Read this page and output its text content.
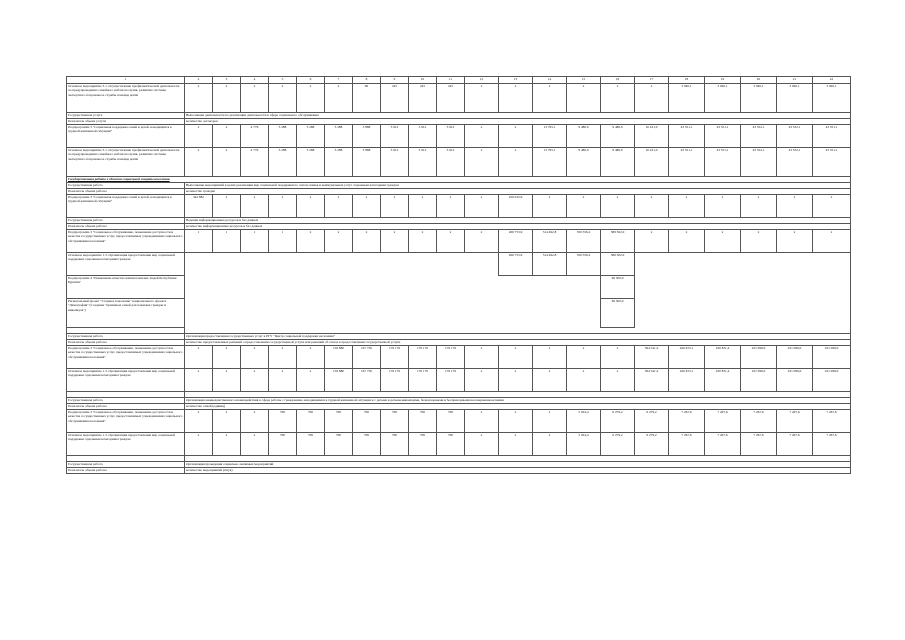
1	2	3	4	5	6	7	8	9	10	11	12	13	14	15	16	17	18	19	20	21	22
Основное мероприятие 3.1. Осуществление профилактической деятельности по предупреждению семейного неблагополучия, развитию системы экспертного патронажа и службы помощи детям	х	х	х	х	х	х	90	245	245	245	х	х	х	х	х	х	3 940,1	3 940,1	3 940,1	3 940,1	3 940,1
Государственная услуга	Выполнение деятельности по реализации деятельности в сфере социального обслуживания																				
Показатель объема услуги	количество договоров																				
Подпрограмма 3 "Социальная поддержка семей и детей, находящихся в трудной жизненной ситуации"	х	х	4 776	3 288	3 288	3 288	3 888	3 912	3 912	3 912	х	х	13 795,1	9 480,0	9 480,0	10 431,0	43 551,1	43 551,1	43 552,1	43 552,1	43 551,1
Основное мероприятие 3.1. Осуществление профилактической деятельности по предупреждению семейного неблагополучия, развитию системы экспертного патронажа и службы помощи детям	х	х	4 776	3 288	3 288	3 288	3 888	3 912	3 912	3 912	х	х	13 795,1	9 480,0	9 480,0	10 431,0	43 551,1	43 551,1	43 552,1	43 552,1	43 551,1
Государственная работа в области социальной защиты населения																					
Государственная работа	Выполнение мероприятий в целях реализации мер социальной поддержки по оплате жилья и коммунальных услуг отдельным категориям граждан																				
Показатель объема работы	количество граждан																				
Подпрограмма 3 "Социальная поддержка семей и детей, находящихся в трудной жизненной ситуации"	342 882	х	х	х	х	х	х	х	х	х	х	256 032,9	х	х	х	х	х	х	х	х	х
Государственная работа	Ведение информационных ресурсов и баз данных																				
Показатель объема работы	количество информационных ресурсов и баз данных																				
Подпрограмма 3 "Социальное обслуживание, повышение доступности и качества государственных услуг, предоставляемых учреждениями социального обслуживания населения"	1	1	1	1	х	х	х	х	х	х	х	266 753,9	314 492,8	350 556,2	389 302,0	х	х	х	х	х	х
Основное мероприятие 1.3. Организация предоставления мер социальной поддержки отдельным категориям граждан												266 753,9	314 492,8	350 556,2	389 302,0						
Подпрограмма 4 "Повышение качества жизни пожилых людей Республики Бурятия"															69 500,0						
Региональный проект "Старшее поколение" национального проекта "Демография" (Создание "приемных семей для пожилых граждан и инвалидов")															69 500,0						

Государственная работа	Организация предоставления государственных услуг в РГУ "Центр социальной поддержки населения"																				
Показатель объема работы	количество предоставленных решений о предоставлении государственной услуги или решений об отказе в предоставлении государственной услуги																				
Подпрограмма 3 "Социальное обслуживание, повышение доступности и качества государственных услуг, предоставляемых учреждениями социального обслуживания населения"	х	х	х	х	х	159 880	167 750	176 179	176 179	176 179	х	х	х	х	х	394 541,2	420 453,1	430 831,4	431 099,0	431 099,0	431 099,0
Основное мероприятие 1.3. Организация предоставления мер социальной поддержки отдельным категориям граждан	х	х	х	х	х	159 880	167 750	176 179	176 179	176 179	х	х	х	х	х	394 541,2	420 453,1	430 831,4	431 099,0	431 099,0	431 099,0

Государственная работа	Организация межведомственного взаимодействия в сфере работы с гражданами, находящимися в трудной жизненной ситуации и с детьми и детьми-инвалидами, безнадзорными и беспризорными несовершеннолетними																				
Показатель объема работы	количество семей (единиц)																				
Подпрограмма 3 "Социальное обслуживание, повышение доступности и качества государственных услуг, предоставляемых учреждениями социального обслуживания населения"	х	х	х	700	700	700	700	700	700	700	х	х	х	5 024,4	6 279,2	6 279,2	7 267,6	7 267,6	7 267,6	7 267,6	7 267,6
Основное мероприятие 1.3. Организация предоставления мер социальной поддержки отдельным категориям граждан	х	х	х	700	700	700	700	700	700	700	х	х	х	5 024,4	6 279,2	6 279,2	7 267,6	7 267,6	7 267,6	7 267,6	7 267,6

Государственная работа	Организация проведения социально-значимых мероприятий																				
Показатель объема работы	количество мероприятий (штук)																				
